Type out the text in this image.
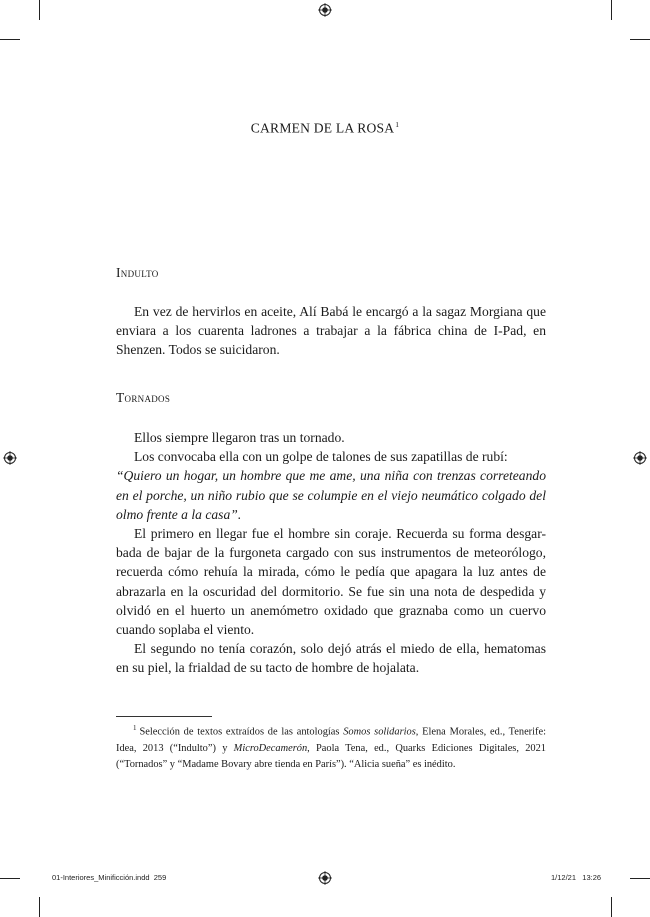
CARMEN DE LA ROSA$^1$
Indulto

En vez de hervirlos en aceite, Alí Babá le encargó a la sagaz Morgiana que enviara a los cuarenta ladrones a trabajar a la fábrica china de I-Pad, en Shenzen. Todos se suicidaron.

Tornados

Ellos siempre llegaron tras un tornado.

Los convocaba ella con un golpe de talones de sus zapatillas de rubí:

“Quiero un hogar, un hombre que me ame, una niña con trenzas correteando en el porche, un niño rubio que se columpie en el viejo neumático colgado del olmo frente a la casa”.

El primero en llegar fue el hombre sin coraje. Recuerda su forma desgar-bada de bajar de la furgoneta cargado con sus instrumentos de meteorólogo, recuerda cómo rehuía la mirada, cómo le pedía que apagara la luz antes de abrazarla en la oscuridad del dormitorio. Se fue sin una nota de despedida y olvidó en el huerto un anemómetro oxidado que graznaba como un cuervo cuando soplaba el viento.

El segundo no tenía corazón, solo dejó atrás el miedo de ella, hematomas en su piel, la frialdad de su tacto de hombre de hojalata.

$^1$ Selección de textos extraídos de las antologías Somos solidarios, Elena Morales, ed., Tenerife: Idea, 2013 (“Indulto”) y MicroDecamerón, Paola Tena, ed., Quarks Ediciones Digitales, 2021 (“Tornados” y “Madame Bovary abre tienda en París”). “Alicia sueña” es inédito.

01-Interiores_Minificción.indd 259	1/12/21 13:26
